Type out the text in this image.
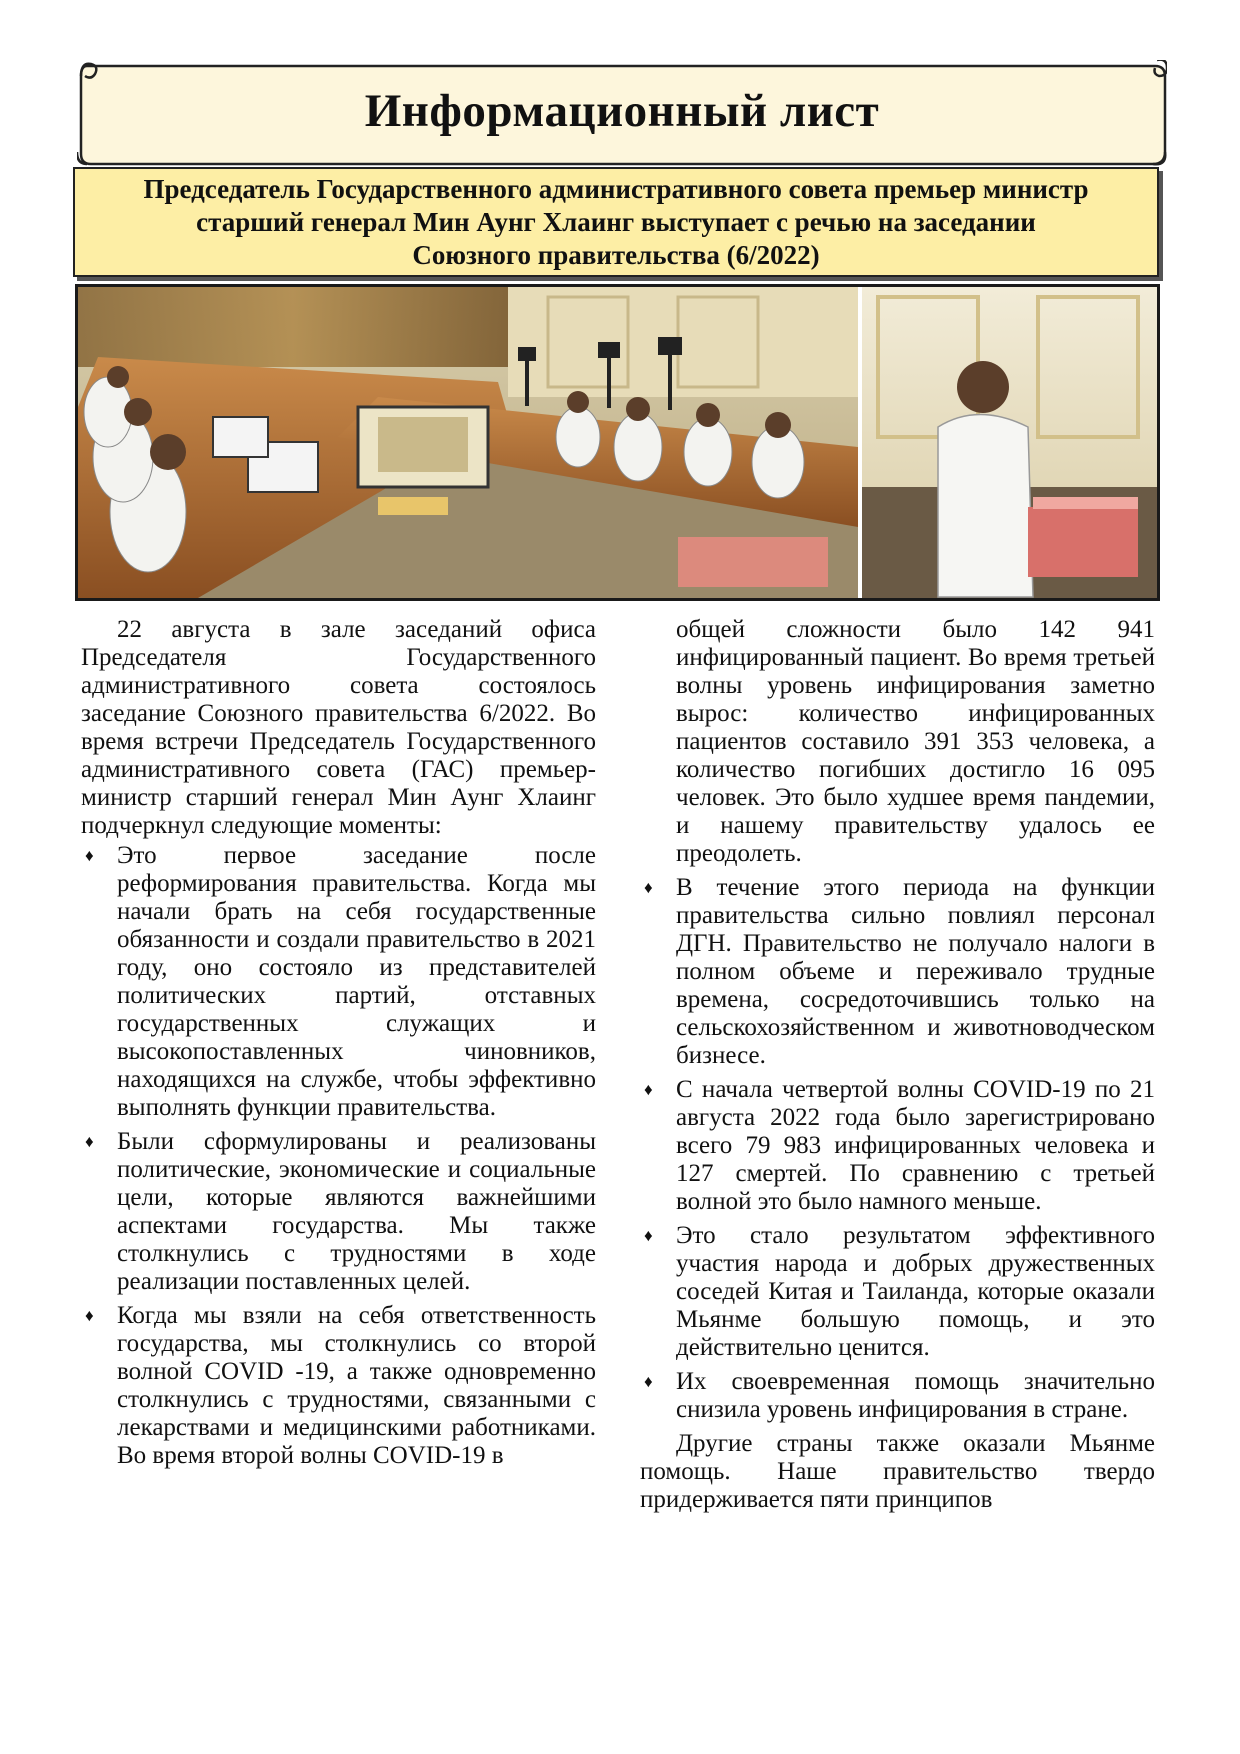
Информационный лист
Председатель Государственного административного совета премьер министр старший генерал Мин Аунг Хлаинг выступает с речью на заседании Союзного правительства (6/2022)

22 августа в зале заседаний офиса Председателя Государственного административного совета состоялось заседание Союзного правительства 6/2022. Во время встречи Председатель Государственного административного совета (ГАС) премьер-министр старший генерал Мин Аунг Хлаинг подчеркнул следующие моменты:

♦ Это первое заседание после реформирования правительства. Когда мы начали брать на себя государственные обязанности и создали правительство в 2021 году, оно состояло из представителей политических партий, отставных государственных служащих и высокопоставленных чиновников, находящихся на службе, чтобы эффективно выполнять функции правительства.
♦ Были сформулированы и реализованы политические, экономические и социальные цели, которые являются важнейшими аспектами государства. Мы также столкнулись с трудностями в ходе реализации поставленных целей.
♦ Когда мы взяли на себя ответственность государства, мы столкнулись со второй волной COVID -19, а также одновременно столкнулись с трудностями, связанными с лекарствами и медицинскими работниками. Во время второй волны COVID-19 в
общей сложности было 142 941 инфицированный пациент. Во время третьей волны уровень инфицирования заметно вырос: количество инфицированных пациентов составило 391 353 человека, а количество погибших достигло 16 095 человек. Это было худшее время пандемии, и нашему правительству удалось ее преодолеть.
♦ В течение этого периода на функции правительства сильно повлиял персонал ДГН. Правительство не получало налоги в полном объеме и переживало трудные времена, сосредоточившись только на сельскохозяйственном и животноводческом бизнесе.
♦ С начала четвертой волны COVID-19 по 21 августа 2022 года было зарегистрировано всего 79 983 инфицированных человека и 127 смертей. По сравнению с третьей волной это было намного меньше.
♦ Это стало результатом эффективного участия народа и добрых дружественных соседей Китая и Таиланда, которые оказали Мьянме большую помощь, и это действительно ценится.
♦ Их своевременная помощь значительно снизила уровень инфицирования в стране.

Другие страны также оказали Мьянме помощь. Наше правительство твердо придерживается пяти принципов
